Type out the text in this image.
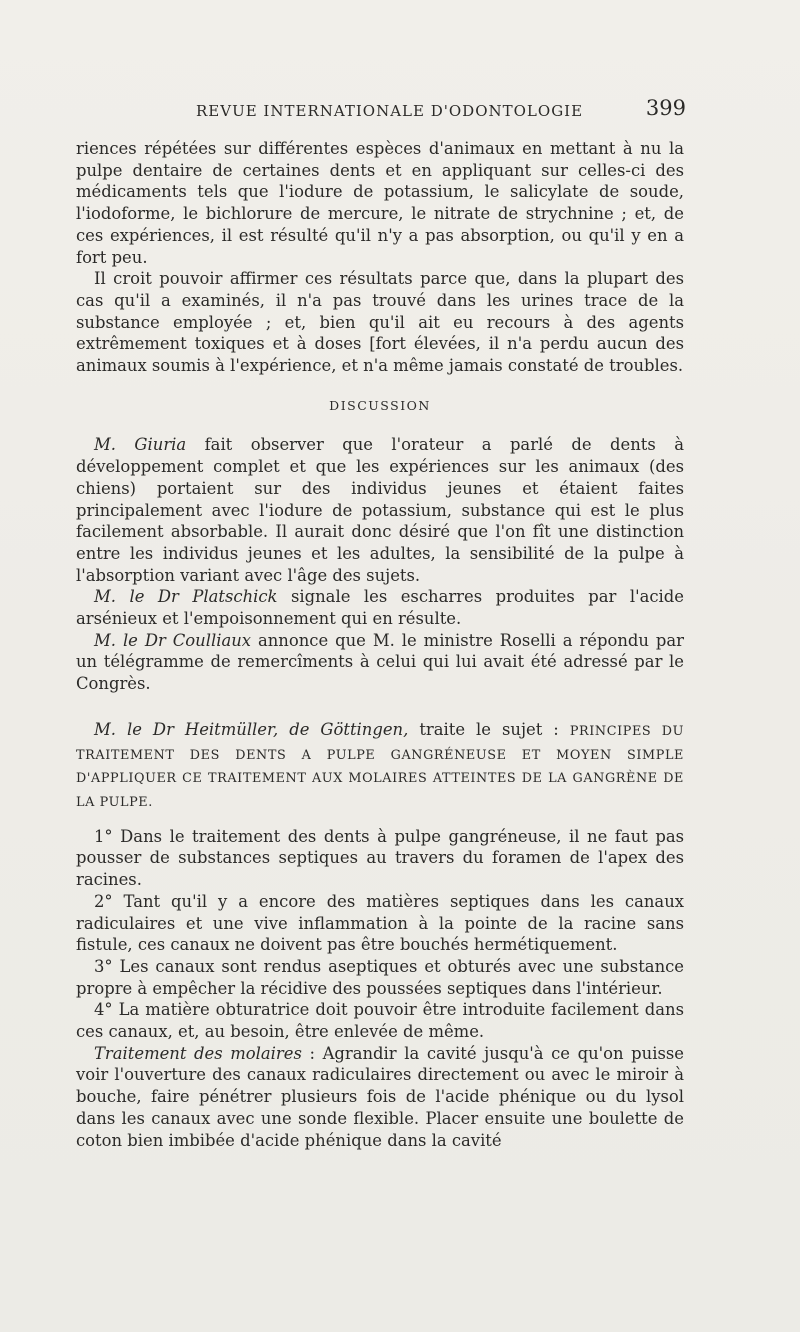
REVUE INTERNATIONALE D'ODONTOLOGIE	399

riences répétées sur différentes espèces d'animaux en mettant à nu la pulpe dentaire de certaines dents et en appliquant sur celles-ci des médicaments tels que l'iodure de potassium, le salicylate de soude, l'iodoforme, le bichlorure de mercure, le nitrate de strychnine ; et, de ces expériences, il est résulté qu'il n'y a pas absorption, ou qu'il y en a fort peu.

Il croit pouvoir affirmer ces résultats parce que, dans la plupart des cas qu'il a examinés, il n'a pas trouvé dans les urines trace de la substance employée ; et, bien qu'il ait eu recours à des agents extrêmement toxiques et à doses [fort élevées, il n'a perdu aucun des animaux soumis à l'expérience, et n'a même jamais constaté de troubles.

DISCUSSION

M. Giuria fait observer que l'orateur a parlé de dents à développement complet et que les expériences sur les animaux (des chiens) portaient sur des individus jeunes et étaient faites principalement avec l'iodure de potassium, substance qui est le plus facilement absorbable. Il aurait donc désiré que l'on fît une distinction entre les individus jeunes et les adultes, la sensibilité de la pulpe à l'absorption variant avec l'âge des sujets.

M. le Dr Platschick signale les escharres produites par l'acide arsénieux et l'empoisonnement qui en résulte.

M. le Dr Coulliaux annonce que M. le ministre Roselli a répondu par un télégramme de remercîments à celui qui lui avait été adressé par le Congrès.

M. le Dr Heitmüller, de Göttingen, traite le sujet : PRINCIPES DU TRAITEMENT DES DENTS A PULPE GANGRÉNEUSE ET MOYEN SIMPLE D'APPLIQUER CE TRAITEMENT AUX MOLAIRES ATTEINTES DE LA GANGRÈNE DE LA PULPE.

1° Dans le traitement des dents à pulpe gangréneuse, il ne faut pas pousser de substances septiques au travers du foramen de l'apex des racines.

2° Tant qu'il y a encore des matières septiques dans les canaux radiculaires et une vive inflammation à la pointe de la racine sans fistule, ces canaux ne doivent pas être bouchés hermétiquement.

3° Les canaux sont rendus aseptiques et obturés avec une substance propre à empêcher la récidive des poussées septiques dans l'intérieur.

4° La matière obturatrice doit pouvoir être introduite facilement dans ces canaux, et, au besoin, être enlevée de même.

Traitement des molaires : Agrandir la cavité jusqu'à ce qu'on puisse voir l'ouverture des canaux radiculaires directement ou avec le miroir à bouche, faire pénétrer plusieurs fois de l'acide phénique ou du lysol dans les canaux avec une sonde flexible. Placer ensuite une boulette de coton bien imbibée d'acide phénique dans la cavité
